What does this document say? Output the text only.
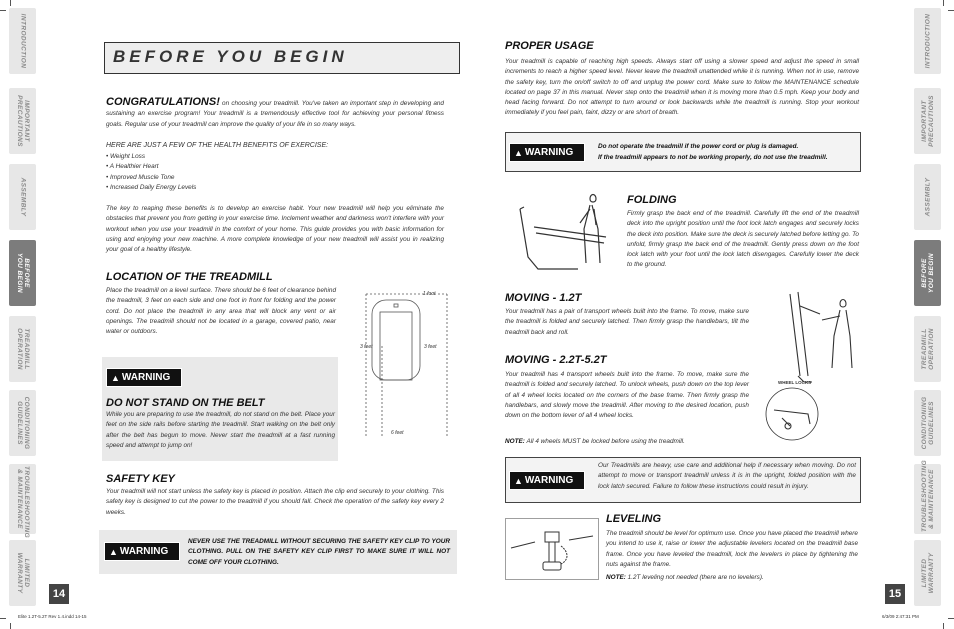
INTRODUCTION
IMPORTANT PRECAUTIONS
ASSEMBLY
BEFORE YOU BEGIN
TREADMILL OPERATION
CONDITIONING GUIDELINES
TROUBLESHOOTING & MAINTENANCE
LIMITED WARRANTY
INTRODUCTION
IMPORTANT PRECAUTIONS
ASSEMBLY
BEFORE YOU BEGIN
TREADMILL OPERATION
CONDITIONING GUIDELINES
TROUBLESHOOTING & MAINTENANCE
LIMITED WARRANTY
BEFORE YOU BEGIN
CONGRATULATIONS! on choosing your treadmill. You've taken an important step in developing and sustaining an exercise program! Your treadmill is a tremendously effective tool for achieving your personal fitness goals. Regular use of your treadmill can improve the quality of your life in so many ways.
HERE ARE JUST A FEW OF THE HEALTH BENEFITS OF EXERCISE:
• Weight Loss
• A Healthier Heart
• Improved Muscle Tone
• Increased Daily Energy Levels
The key to reaping these benefits is to develop an exercise habit. Your new treadmill will help you eliminate the obstacles that prevent you from getting in your exercise time. Inclement weather and darkness won't interfere with your workout when you use your treadmill in the comfort of your home. This guide provides you with basic information for using and enjoying your new machine. A more complete knowledge of your new treadmill will assist you in realizing your goal of a healthy lifestyle.
LOCATION OF THE TREADMILL
Place the treadmill on a level surface. There should be 6 feet of clearance behind the treadmill, 3 feet on each side and one foot in front for folding and the power cord. Do not place the treadmill in any area that will block any vent or air openings. The treadmill should not be located in a garage, covered patio, near water or outdoors.
1 foot
3 feet	3 feet
6 feet
▲ WARNING
DO NOT STAND ON THE BELT
While you are preparing to use the treadmill, do not stand on the belt. Place your feet on the side rails before starting the treadmill. Start walking on the belt only after the belt has begun to move. Never start the treadmill at a fast running speed and attempt to jump on!
SAFETY KEY
Your treadmill will not start unless the safety key is placed in position. Attach the clip end securely to your clothing. This safety key is designed to cut the power to the treadmill if you should fall. Check the operation of the safety key every 2 weeks.
▲ WARNING
NEVER USE THE TREADMILL WITHOUT SECURING THE SAFETY KEY CLIP TO YOUR CLOTHING. PULL ON THE SAFETY KEY CLIP FIRST TO MAKE SURE IT WILL NOT COME OFF YOUR CLOTHING.
14
Elite 1.2T-5.2T Rev 1.4.indd 14-15
PROPER USAGE
Your treadmill is capable of reaching high speeds. Always start off using a slower speed and adjust the speed in small increments to reach a higher speed level. Never leave the treadmill unattended while it is running. When not in use, remove the safety key, turn the on/off switch to off and unplug the power cord. Make sure to follow the MAINTENANCE schedule located on page 37 in this manual. Never step onto the treadmill when it is moving more than 0.5 mph. Keep your body and head facing forward. Do not attempt to turn around or look backwards while the treadmill is running. Stop your workout immediately if you feel pain, faint, dizzy or are short of breath.
▲ WARNING
Do not operate the treadmill if the power cord or plug is damaged.
If the treadmill appears to not be working properly, do not use the treadmill.
FOLDING
Firmly grasp the back end of the treadmill. Carefully lift the end of the treadmill deck into the upright position until the foot lock latch engages and securely locks the deck into position. Make sure the deck is securely latched before letting go. To unfold, firmly grasp the back end of the treadmill. Gently press down on the foot lock latch with your foot until the lock latch disengages. Carefully lower the deck to the ground.
MOVING - 1.2T
Your treadmill has a pair of transport wheels built into the frame. To move, make sure the treadmill is folded and securely latched. Then firmly grasp the handlebars, tilt the treadmill back and roll.
MOVING - 2.2T-5.2T
Your treadmill has 4 transport wheels built into the frame. To move, make sure the treadmill is folded and securely latched. To unlock wheels, push down on the top lever of all 4 wheel locks located on the corners of the base frame. Then firmly grasp the handlebars, and slowly move the treadmill. After moving to the desired location, push down on the bottom lever of all 4 wheel locks.
WHEEL LOCKS
NOTE: All 4 wheels MUST be locked before using the treadmill.
▲ WARNING
Our Treadmills are heavy, use care and additional help if necessary when moving. Do not attempt to move or transport treadmill unless it is in the upright, folded position with the lock latch secured. Failure to follow these instructions could result in injury.
LEVELING
The treadmill should be level for optimum use. Once you have placed the treadmill where you intend to use it, raise or lower the adjustable levelers located on the treadmill base frame. Once you have leveled the treadmill, lock the levelers in place by tightening the nuts against the frame.
NOTE: 1.2T leveling not needed (there are no levelers).
15
6/3/09 2:47:31 PM
